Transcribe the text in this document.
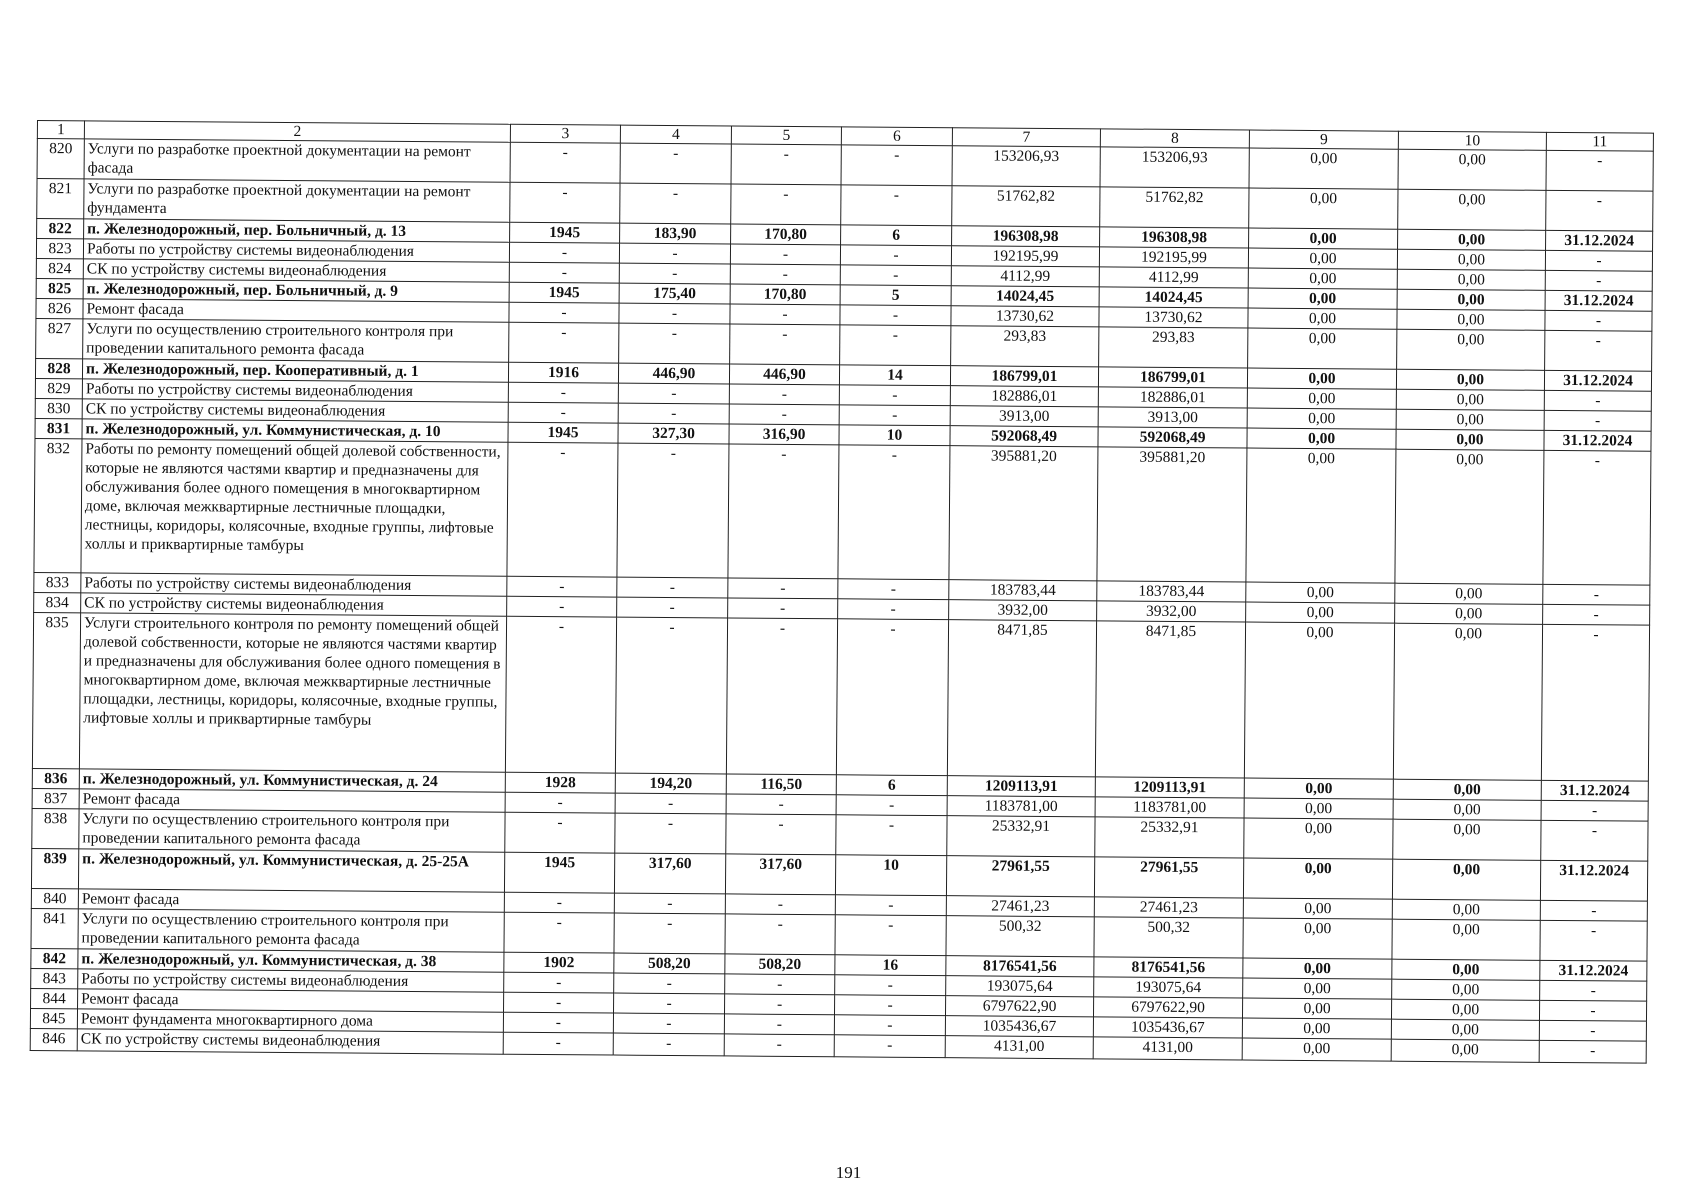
1	2	3	4	5	6	7	8	9	10	11
820	Услуги по разработке проектной документации на ремонт фасада	-	-	-	-	153206,93	153206,93	0,00	0,00	-
821	Услуги по разработке проектной документации на ремонт фундамента	-	-	-	-	51762,82	51762,82	0,00	0,00	-
822	п. Железнодорожный, пер. Больничный, д. 13	1945	183,90	170,80	6	196308,98	196308,98	0,00	0,00	31.12.2024
823	Работы по устройству системы видеонаблюдения	-	-	-	-	192195,99	192195,99	0,00	0,00	-
824	СК по устройству системы видеонаблюдения	-	-	-	-	4112,99	4112,99	0,00	0,00	-
825	п. Железнодорожный, пер. Больничный, д. 9	1945	175,40	170,80	5	14024,45	14024,45	0,00	0,00	31.12.2024
826	Ремонт фасада	-	-	-	-	13730,62	13730,62	0,00	0,00	-
827	Услуги по осуществлению строительного контроля при проведении капитального ремонта фасада	-	-	-	-	293,83	293,83	0,00	0,00	-
828	п. Железнодорожный, пер. Кооперативный, д. 1	1916	446,90	446,90	14	186799,01	186799,01	0,00	0,00	31.12.2024
829	Работы по устройству системы видеонаблюдения	-	-	-	-	182886,01	182886,01	0,00	0,00	-
830	СК по устройству системы видеонаблюдения	-	-	-	-	3913,00	3913,00	0,00	0,00	-
831	п. Железнодорожный, ул. Коммунистическая, д. 10	1945	327,30	316,90	10	592068,49	592068,49	0,00	0,00	31.12.2024
832	Работы по ремонту помещений общей долевой собственности, которые не являются частями квартир и предназначены для обслуживания более одного помещения в многоквартирном доме, включая межквартирные лестничные площадки, лестницы, коридоры, колясочные, входные группы, лифтовые холлы и приквартирные тамбуры	-	-	-	-	395881,20	395881,20	0,00	0,00	-
833	Работы по устройству системы видеонаблюдения	-	-	-	-	183783,44	183783,44	0,00	0,00	-
834	СК по устройству системы видеонаблюдения	-	-	-	-	3932,00	3932,00	0,00	0,00	-
835	Услуги строительного контроля по ремонту помещений общей долевой собственности, которые не являются частями квартир и предназначены для обслуживания более одного помещения в многоквартирном доме, включая межквартирные лестничные площадки, лестницы, коридоры, колясочные, входные группы, лифтовые холлы и приквартирные тамбуры	-	-	-	-	8471,85	8471,85	0,00	0,00	-
836	п. Железнодорожный, ул. Коммунистическая, д. 24	1928	194,20	116,50	6	1209113,91	1209113,91	0,00	0,00	31.12.2024
837	Ремонт фасада	-	-	-	-	1183781,00	1183781,00	0,00	0,00	-
838	Услуги по осуществлению строительного контроля при проведении капитального ремонта фасада	-	-	-	-	25332,91	25332,91	0,00	0,00	-
839	п. Железнодорожный, ул. Коммунистическая, д. 25-25А	1945	317,60	317,60	10	27961,55	27961,55	0,00	0,00	31.12.2024
840	Ремонт фасада	-	-	-	-	27461,23	27461,23	0,00	0,00	-
841	Услуги по осуществлению строительного контроля при проведении капитального ремонта фасада	-	-	-	-	500,32	500,32	0,00	0,00	-
842	п. Железнодорожный, ул. Коммунистическая, д. 38	1902	508,20	508,20	16	8176541,56	8176541,56	0,00	0,00	31.12.2024
843	Работы по устройству системы видеонаблюдения	-	-	-	-	193075,64	193075,64	0,00	0,00	-
844	Ремонт фасада	-	-	-	-	6797622,90	6797622,90	0,00	0,00	-
845	Ремонт фундамента многоквартирного дома	-	-	-	-	1035436,67	1035436,67	0,00	0,00	-
846	СК по устройству системы видеонаблюдения	-	-	-	-	4131,00	4131,00	0,00	0,00	-
191
